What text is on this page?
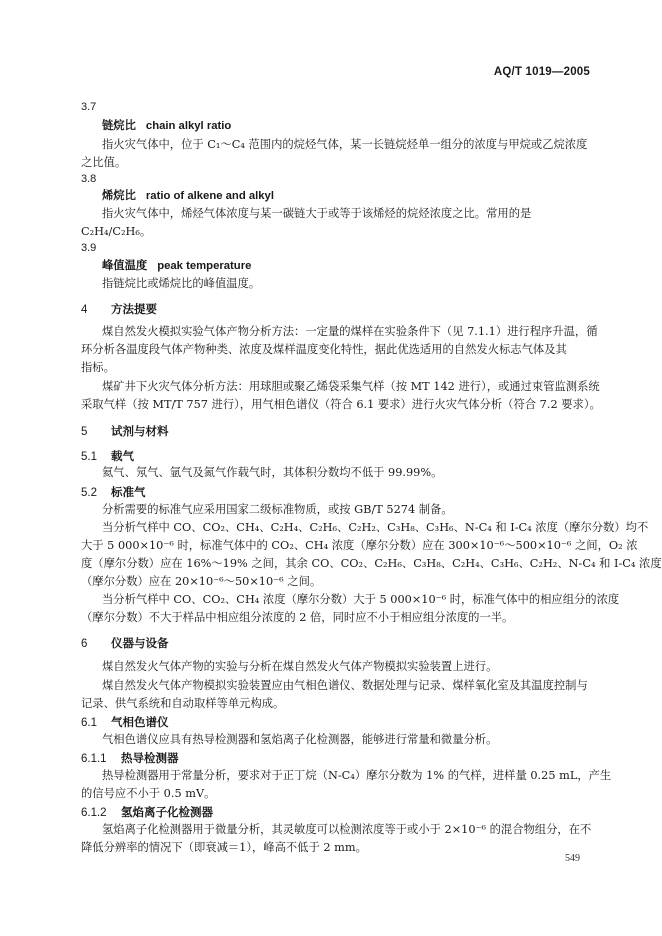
AQ/T 1019—2005
3.7
链烷比 chain alkyl ratio
指火灾气体中，位于 C₁～C₄ 范围内的烷烃气体，某一长链烷烃单一组分的浓度与甲烷或乙烷浓度
之比值。
3.8
烯烷比 ratio of alkene and alkyl
指火灾气体中，烯烃气体浓度与某一碳链大于或等于该烯烃的烷烃浓度之比。常用的是
C₂H₄/C₂H₆。
3.9
峰值温度 peak temperature
指链烷比或烯烷比的峰值温度。
4 方法提要
煤自然发火模拟实验气体产物分析方法：一定量的煤样在实验条件下（见 7.1.1）进行程序升温，循
环分析各温度段气体产物种类、浓度及煤样温度变化特性，据此优选适用的自然发火标志气体及其
指标。
煤矿井下火灾气体分析方法：用球胆或聚乙烯袋采集气样（按 MT 142 进行），或通过束管监测系统
采取气样（按 MT/T 757 进行），用气相色谱仪（符合 6.1 要求）进行火灾气体分析（符合 7.2 要求）。
5 试剂与材料
5.1 载气
氦气、氖气、氩气及氮气作载气时，其体积分数均不低于 99.99%。
5.2 标准气
分析需要的标准气应采用国家二级标准物质，或按 GB/T 5274 制备。
当分析气样中 CO、CO₂、CH₄、C₂H₄、C₂H₆、C₂H₂、C₃H₈、C₃H₆、N-C₄ 和 I-C₄ 浓度（摩尔分数）均不
大于 5 000×10⁻⁶ 时，标准气体中的 CO₂、CH₄ 浓度（摩尔分数）应在 300×10⁻⁶～500×10⁻⁶ 之间，O₂ 浓
度（摩尔分数）应在 16%～19% 之间，其余 CO、CO₂、C₂H₆、C₃H₈、C₂H₄、C₃H₆、C₂H₂、N-C₄ 和 I-C₄ 浓度
（摩尔分数）应在 20×10⁻⁶～50×10⁻⁶ 之间。
当分析气样中 CO、CO₂、CH₄ 浓度（摩尔分数）大于 5 000×10⁻⁶ 时，标准气体中的相应组分的浓度
（摩尔分数）不大于样品中相应组分浓度的 2 倍，同时应不小于相应组分浓度的一半。
6 仪器与设备
煤自然发火气体产物的实验与分析在煤自然发火气体产物模拟实验装置上进行。
煤自然发火气体产物模拟实验装置应由气相色谱仪、数据处理与记录、煤样氧化室及其温度控制与
记录、供气系统和自动取样等单元构成。
6.1 气相色谱仪
气相色谱仪应具有热导检测器和氢焰离子化检测器，能够进行常量和微量分析。
6.1.1 热导检测器
热导检测器用于常量分析，要求对于正丁烷（N-C₄）摩尔分数为 1% 的气样，进样量 0.25 mL，产生
的信号应不小于 0.5 mV。
6.1.2 氢焰离子化检测器
氢焰离子化检测器用于微量分析，其灵敏度可以检测浓度等于或小于 2×10⁻⁶ 的混合物组分，在不
降低分辨率的情况下（即衰减＝1），峰高不低于 2 mm。
549
